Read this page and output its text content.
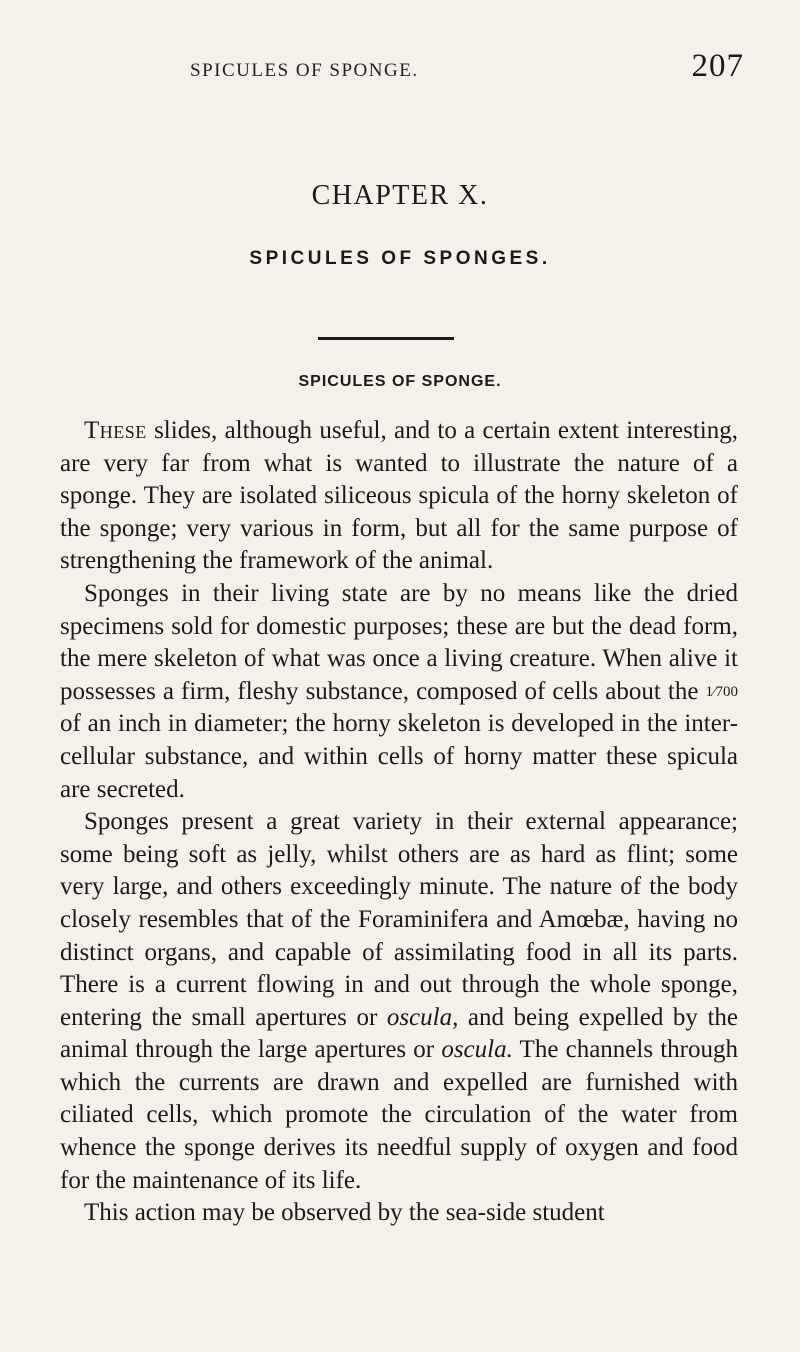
SPICULES OF SPONGE.	207
CHAPTER X.
SPICULES OF SPONGES.
SPICULES OF SPONGE.

These slides, although useful, and to a certain extent interesting, are very far from what is wanted to illustrate the nature of a sponge. They are isolated siliceous spicula of the horny skeleton of the sponge; very various in form, but all for the same purpose of strengthening the framework of the animal.

Sponges in their living state are by no means like the dried specimens sold for domestic purposes; these are but the dead form, the mere skeleton of what was once a living creature. When alive it possesses a firm, fleshy substance, composed of cells about the 1⁄700 of an inch in diameter; the horny skeleton is developed in the inter-cellular substance, and within cells of horny matter these spicula are secreted.

Sponges present a great variety in their external appearance; some being soft as jelly, whilst others are as hard as flint; some very large, and others exceedingly minute. The nature of the body closely resembles that of the Foraminifera and Amœbæ, having no distinct organs, and capable of assimilating food in all its parts. There is a current flowing in and out through the whole sponge, entering the small apertures or oscula, and being expelled by the animal through the large apertures or oscula. The channels through which the currents are drawn and expelled are furnished with ciliated cells, which promote the circulation of the water from whence the sponge derives its needful supply of oxygen and food for the maintenance of its life.

This action may be observed by the sea-side student
